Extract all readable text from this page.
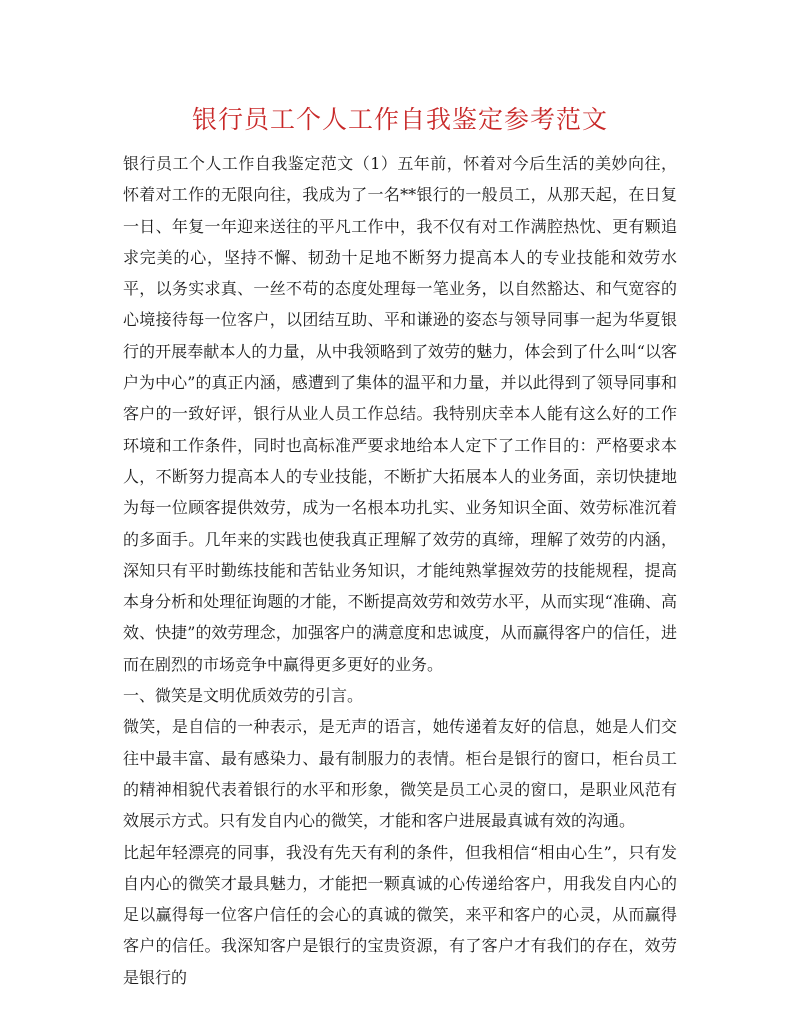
银行员工个人工作自我鉴定参考范文

银行员工个人工作自我鉴定范文（1）五年前，怀着对今后生活的美妙向往，怀着对工作的无限向往，我成为了一名**银行的一般员工，从那天起，在日复一日、年复一年迎来送往的平凡工作中，我不仅有对工作满腔热忱、更有颗追求完美的心，坚持不懈、韧劲十足地不断努力提高本人的专业技能和效劳水平，以务实求真、一丝不苟的态度处理每一笔业务，以自然豁达、和气宽容的心境接待每一位客户，以团结互助、平和谦逊的姿态与领导同事一起为华夏银行的开展奉献本人的力量，从中我领略到了效劳的魅力，体会到了什么叫“以客户为中心”的真正内涵，感遭到了集体的温平和力量，并以此得到了领导同事和客户的一致好评，银行从业人员工作总结。我特别庆幸本人能有这么好的工作环境和工作条件，同时也高标准严要求地给本人定下了工作目的：严格要求本人，不断努力提高本人的专业技能，不断扩大拓展本人的业务面，亲切快捷地为每一位顾客提供效劳，成为一名根本功扎实、业务知识全面、效劳标准沉着的多面手。几年来的实践也使我真正理解了效劳的真缔，理解了效劳的内涵，深知只有平时勤练技能和苦钻业务知识，才能纯熟掌握效劳的技能规程，提高本身分析和处理征询题的才能，不断提高效劳和效劳水平，从而实现“准确、高效、快捷”的效劳理念，加强客户的满意度和忠诚度，从而赢得客户的信任，进而在剧烈的市场竞争中赢得更多更好的业务。

一、微笑是文明优质效劳的引言。

微笑，是自信的一种表示，是无声的语言，她传递着友好的信息，她是人们交往中最丰富、最有感染力、最有制服力的表情。柜台是银行的窗口，柜台员工的精神相貌代表着银行的水平和形象，微笑是员工心灵的窗口，是职业风范有效展示方式。只有发自内心的微笑，才能和客户进展最真诚有效的沟通。

比起年轻漂亮的同事，我没有先天有利的条件，但我相信“相由心生”，只有发自内心的微笑才最具魅力，才能把一颗真诚的心传递给客户，用我发自内心的足以赢得每一位客户信任的会心的真诚的微笑，来平和客户的心灵，从而赢得客户的信任。我深知客户是银行的宝贵资源，有了客户才有我们的存在，效劳是银行的
